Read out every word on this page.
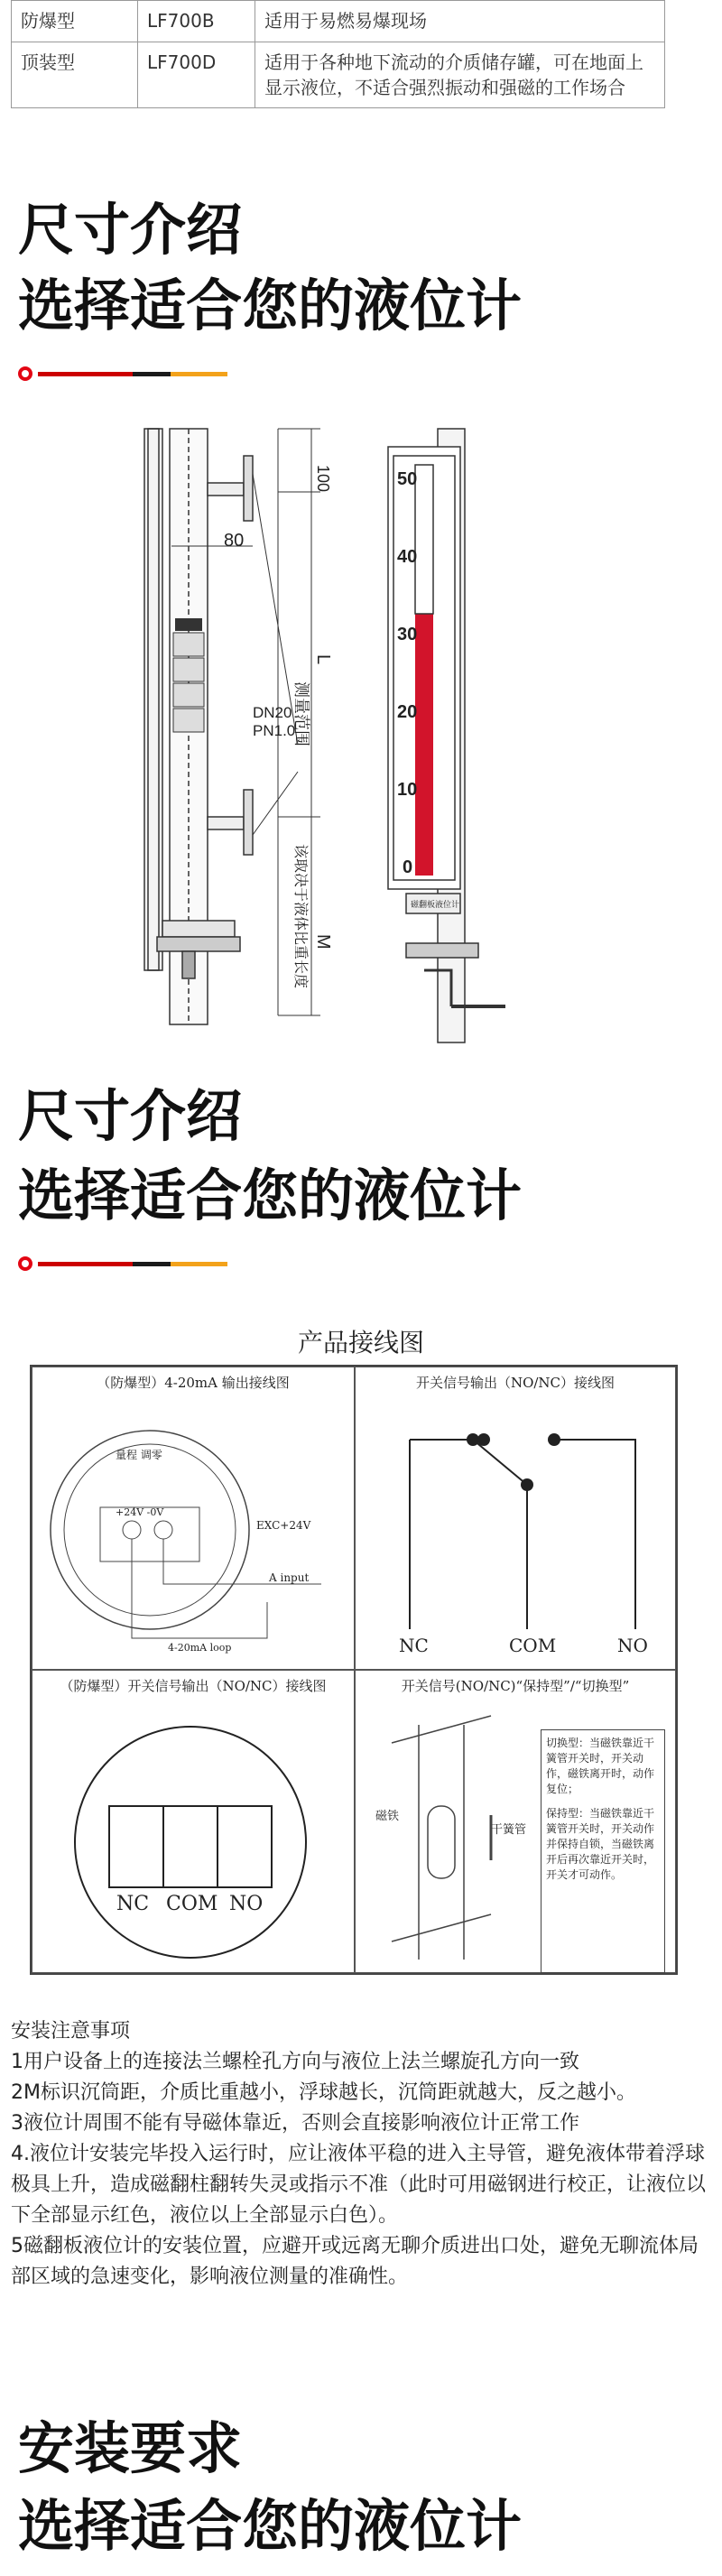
防爆型	LF700B	适用于易燃易爆现场
顶装型	LF700D	适用于各种地下流动的介质储存罐，可在地面上显示液位，不适合强烈振动和强磁的工作场合
尺寸介绍
选择适合您的液位计
80
DN20
PN1.0
100
测量范围
L
M
该取决于液体比重长度
50
40
30
20
10
0
磁翻板液位计
尺寸介绍
选择适合您的液位计
产品接线图
（防爆型）4-20mA 输出接线图
量程 调零
+24V -0V
EXC+24V
A input
4-20mA loop
开关信号输出（NO/NC）接线图
NC	COM	NO
（防爆型）开关信号输出（NO/NC）接线图
NC COM NO
开关信号(NO/NC)“保持型”/“切换型”
磁铁
干簧管
切换型：当磁铁靠近干簧管开关时，开关动作，磁铁离开时，动作复位；
保持型：当磁铁靠近干簧管开关时，开关动作并保持自锁，当磁铁离开后再次靠近开关时，开关才可动作。

安装注意事项

1用户设备上的连接法兰螺栓孔方向与液位上法兰螺旋孔方向一致

2M标识沉筒距，介质比重越小，浮球越长，沉筒距就越大，反之越小。

3液位计周围不能有导磁体靠近，否则会直接影响液位计正常工作

4.液位计安装完毕投入运行时，应让液体平稳的进入主导管，避免液体带着浮球极具上升，造成磁翻柱翻转失灵或指示不准（此时可用磁钢进行校正，让液位以下全部显示红色，液位以上全部显示白色）。

5磁翻板液位计的安装位置，应避开或远离无聊介质进出口处，避免无聊流体局部区域的急速变化，影响液位测量的准确性。

安装要求
选择适合您的液位计
